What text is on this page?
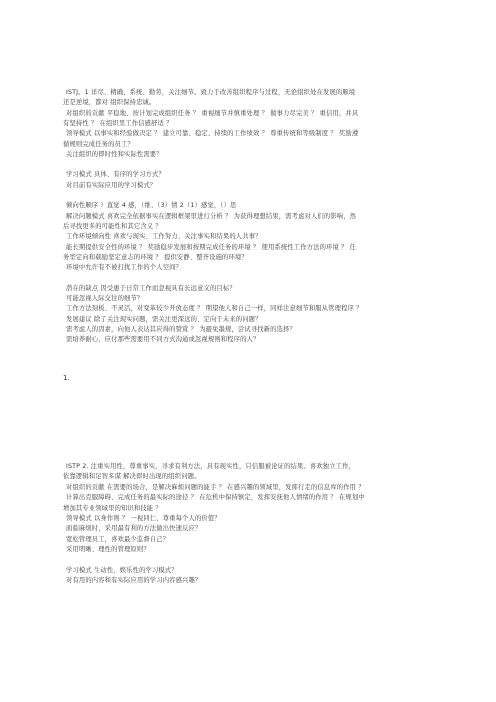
ISTJ。1 详尽、精确、系统、勤劳，关注细节。致力于改善组织程序与过程，无论组织处在发展的顺境
还是逆境，都对 组织保持忠诚。
对组织的贡献 平稳地、按计划完成组织任务 ？ 重视细节并慎重处理 ？ 做事力尽完美 ？ 重信用，并具
有坚持性 ？ 在组织里工作信感舒适 ？
领导模式 以事实和经验做决定 ？ 建立可靠、稳定、持续的工作绩效 ？ 尊重传统和等级制度 ？ 奖励遵
循规则完成任务的员工？
关注组织的即时性和实际性需要？
学习模式 具体、有序的学习方式？
对目前有实际应用的学习模式？
倾向性顺序 ）直觉 4 感，（维、（3）情 2（1）感觉，（）思
解决问题模式 喜欢完全依据事实在逻辑框架里进行分析 ？ 为获得理想结果，需考虑对人们的影响，然
后寻找更多的可能性和其它含义 ？
工作环境倾向性 喜欢与现实、工作努力、关注事实和结果的人共事？
能长期提供安全性的环境 ？ 奖励稳步发展和按期完成任务的环境 ？ 使用系统性工作方法的环境 ？ 任
务型定向和载励坚定意志的环境 ？ 提供安静、整齐设施的环境？
环境中允许有不被打扰工作的个人空间？
潜在的缺点 因受惠于日常工作而忽视具有长远意义的目标？
可能忽视人际交往的细节？
工作方法刻板、不灵活，对变革较少开放态度 ？ 期望他人和自己一样，同样注意细节和服从管理程序 ？
发展建议 除了关注现实问题，需关注更深远的、定向于未来的问题？
需考虑人的因素，向他人表达其应得的赞赏 ？ 为避免墨规，尝试寻找新的选择？
需培养耐心，应付那些需要用不同方式沟通或忽视规则和程序的人？
1.
ISTP 2. 注重实用性，尊重事实，寻求有利方法，具有现实性，只信服被论证的结果。喜欢独立工作，
依靠逻辑和足智多谋 解决即时出现的组织问题。
对组织的贡献 在需要的场合，是解决麻烦问题的能手 ？ 在感兴趣的领域里，发挥行走的信息库的作用 ？
计算出克服障碍、完成任务的最实际的途径 ？ 在危机中保持镇定，发挥安抚他人情绪的作用 ？ 在规划中
增加其专业领域里的知识和技能 ？
领导模式 以身作则 ？ 一视同仁，尊重每个人的价值？
面临麻烦时，采用最有利的方法做出快速反应？
宽松管理员工，喜欢最少监督自己？
采用明晰、理性的管理原则？
学习模式 生动性、娱乐性的学习模式？
对有用的内容和有实际应用的学习内容感兴趣？
